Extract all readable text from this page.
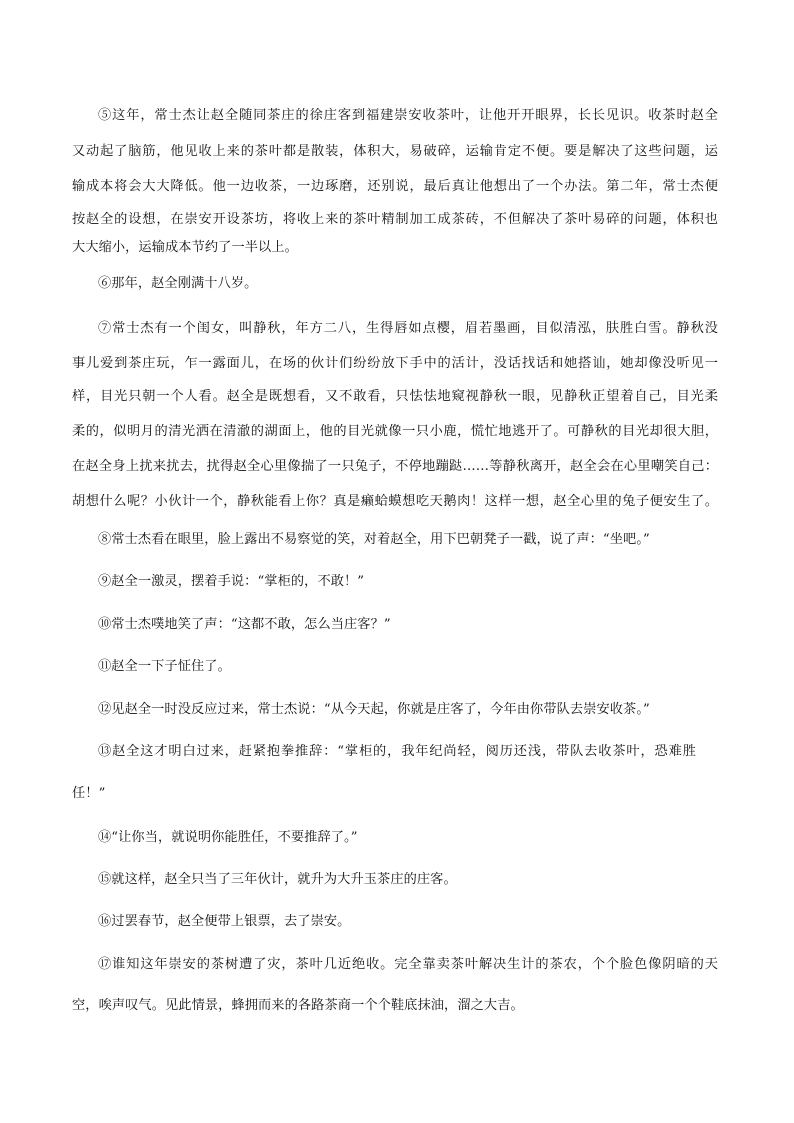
⑤这年，常士杰让赵全随同茶庄的徐庄客到福建崇安收茶叶，让他开开眼界，长长见识。收茶时赵全
又动起了脑筋，他见收上来的茶叶都是散装，体积大，易破碎，运输肯定不便。要是解决了这些问题，运
输成本将会大大降低。他一边收茶，一边琢磨，还别说，最后真让他想出了一个办法。第二年，常士杰便
按赵全的设想，在崇安开设茶坊，将收上来的茶叶精制加工成茶砖，不但解决了茶叶易碎的问题，体积也
大大缩小，运输成本节约了一半以上。
⑥那年，赵全刚满十八岁。
⑦常士杰有一个闺女，叫静秋，年方二八，生得唇如点樱，眉若墨画，目似清泓，肤胜白雪。静秋没
事儿爱到茶庄玩，乍一露面儿，在场的伙计们纷纷放下手中的活计，没话找话和她搭讪，她却像没听见一
样，目光只朝一个人看。赵全是既想看，又不敢看，只怯怯地窥视静秋一眼，见静秋正望着自己，目光柔
柔的，似明月的清光洒在清澈的湖面上，他的目光就像一只小鹿，慌忙地逃开了。可静秋的目光却很大胆，
在赵全身上扰来扰去，扰得赵全心里像揣了一只兔子，不停地蹦跶……等静秋离开，赵全会在心里嘲笑自己：
胡想什么呢？小伙计一个，静秋能看上你？真是癞蛤蟆想吃天鹅肉！这样一想，赵全心里的兔子便安生了。
⑧常士杰看在眼里，脸上露出不易察觉的笑，对着赵全，用下巴朝凳子一戳，说了声：“坐吧。”
⑨赵全一激灵，摆着手说：“掌柜的，不敢！”
⑩常士杰噗地笑了声：“这都不敢，怎么当庄客？”
⑪赵全一下子怔住了。
⑫见赵全一时没反应过来，常士杰说：“从今天起，你就是庄客了，今年由你带队去崇安收茶。”
⑬赵全这才明白过来，赶紧抱拳推辞：“掌柜的，我年纪尚轻，阅历还浅，带队去收茶叶，恐难胜
任！”
⑭“让你当，就说明你能胜任，不要推辞了。”
⑮就这样，赵全只当了三年伙计，就升为大升玉茶庄的庄客。
⑯过罢春节，赵全便带上银票，去了崇安。
⑰谁知这年崇安的茶树遭了灾，茶叶几近绝收。完全靠卖茶叶解决生计的茶农，个个脸色像阴暗的天
空，唉声叹气。见此情景，蜂拥而来的各路茶商一个个鞋底抹油，溜之大吉。
